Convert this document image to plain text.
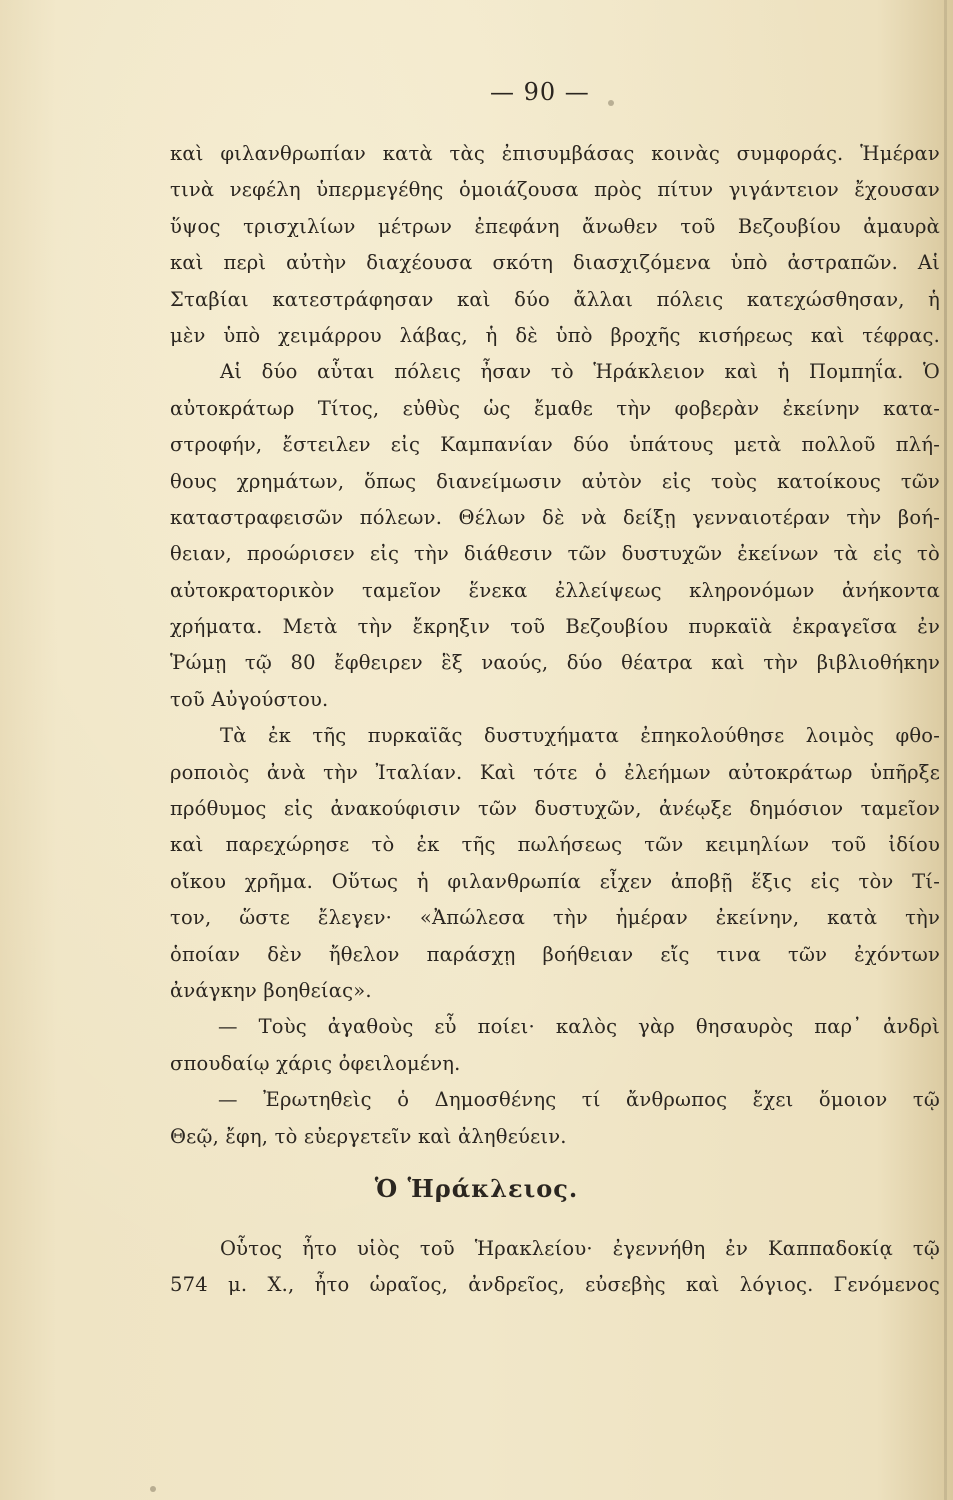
— 90 —
καὶ φιλανθρωπίαν κατὰ τὰς ἐπισυμβάσας κοινὰς συμφοράς. Ἡμέραν
τινὰ νεφέλη ὑπερμεγέθης ὁμοιάζουσα πρὸς πίτυν γιγάντειον ἔχουσαν
ὕψος τρισχιλίων μέτρων ἐπεφάνη ἄνωθεν τοῦ Βεζουβίου ἀμαυρὰ
καὶ περὶ αὐτὴν διαχέουσα σκότη διασχιζόμενα ὑπὸ ἀστραπῶν. Αἱ
Σταβίαι κατεστράφησαν καὶ δύο ἄλλαι πόλεις κατεχώσθησαν, ἡ
μὲν ὑπὸ χειμάρρου λάβας, ἡ δὲ ὑπὸ βροχῆς κισήρεως καὶ τέφρας.
Αἱ δύο αὗται πόλεις ἦσαν τὸ Ἡράκλειον καὶ ἡ Πομπηΐα. Ὁ
αὐτοκράτωρ Τίτος, εὐθὺς ὡς ἔμαθε τὴν φοβερὰν ἐκείνην κατα-
στροφήν, ἔστειλεν εἰς Καμπανίαν δύο ὑπάτους μετὰ πολλοῦ πλή-
θους χρημάτων, ὅπως διανείμωσιν αὐτὸν εἰς τοὺς κατοίκους τῶν
καταστραφεισῶν πόλεων. Θέλων δὲ νὰ δείξῃ γενναιοτέραν τὴν βοή-
θειαν, προώρισεν εἰς τὴν διάθεσιν τῶν δυστυχῶν ἐκείνων τὰ εἰς τὸ
αὐτοκρατορικὸν ταμεῖον ἕνεκα ἐλλείψεως κληρονόμων ἀνήκοντα
χρήματα. Μετὰ τὴν ἔκρηξιν τοῦ Βεζουβίου πυρκαϊὰ ἐκραγεῖσα ἐν
Ῥώμῃ τῷ 80 ἔφθειρεν ἓξ ναούς, δύο θέατρα καὶ τὴν βιβλιοθήκην
τοῦ Αὐγούστου.
Τὰ ἐκ τῆς πυρκαϊᾶς δυστυχήματα ἐπηκολούθησε λοιμὸς φθο-
ροποιὸς ἀνὰ τὴν Ἰταλίαν. Καὶ τότε ὁ ἐλεήμων αὐτοκράτωρ ὑπῆρξε
πρόθυμος εἰς ἀνακούφισιν τῶν δυστυχῶν, ἀνέῳξε δημόσιον ταμεῖον
καὶ παρεχώρησε τὸ ἐκ τῆς πωλήσεως τῶν κειμηλίων τοῦ ἰδίου
οἴκου χρῆμα. Οὕτως ἡ φιλανθρωπία εἶχεν ἀποβῇ ἕξις εἰς τὸν Τί-
τον, ὥστε ἔλεγεν· «Ἀπώλεσα τὴν ἡμέραν ἐκείνην, κατὰ τὴν
ὁποίαν δὲν ἤθελον παράσχῃ βοήθειαν εἴς τινα τῶν ἐχόντων
ἀνάγκην βοηθείας».
— Τοὺς ἀγαθοὺς εὖ ποίει· καλὸς γὰρ θησαυρὸς παρ᾽ ἀνδρὶ
σπουδαίῳ χάρις ὀφειλομένη.
— Ἐρωτηθεὶς ὁ Δημοσθένης τί ἄνθρωπος ἔχει ὅμοιον τῷ
Θεῷ, ἔφη, τὸ εὐεργετεῖν καὶ ἀληθεύειν.
Ὁ Ἡράκλειος.
Οὗτος ἦτο υἱὸς τοῦ Ἡρακλείου· ἐγεννήθη ἐν Καππαδοκίᾳ τῷ
574 μ. Χ., ἦτο ὡραῖος, ἀνδρεῖος, εὐσεβὴς καὶ λόγιος. Γενόμενος
